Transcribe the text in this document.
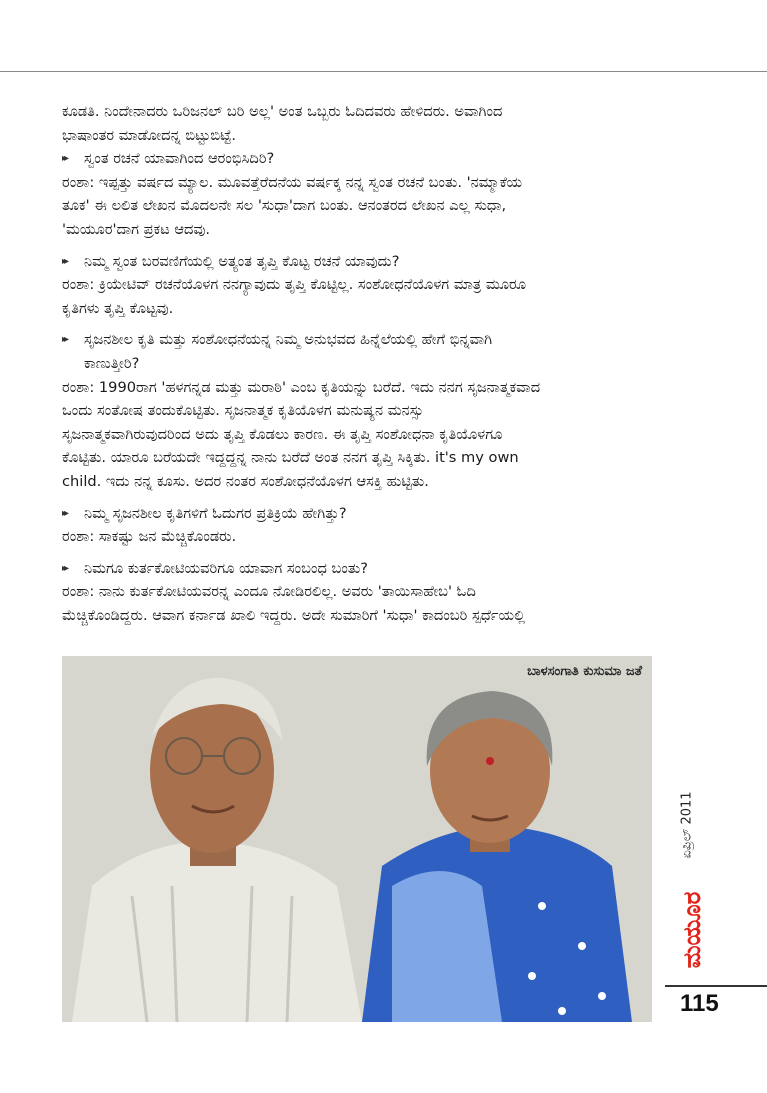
ಕೂಡತಿ. ನಿಂದೇನಾದರು ಒರಿಜನಲ್ ಬರಿ ಅಲ್ಲ' ಅಂತ ಒಬ್ಬರು ಓದಿದವರು ಹೇಳಿದರು. ಅವಾಗಿಂದ

ಭಾಷಾಂತರ ಮಾಡೋದನ್ನ ಬಿಟ್ಟುಬಿಟ್ಟೆ.

▸▸ ಸ್ವಂತ ರಚನೆ ಯಾವಾಗಿಂದ ಆರಂಭಿಸಿದಿರಿ?

ರಂಶಾ: ಇಪ್ಪತ್ತು ವರ್ಷದ ಮ್ಯಾಲ. ಮೂವತ್ತೆರೆದನೆಯ ವರ್ಷಕ್ಕ ನನ್ನ ಸ್ವಂತ ರಚನೆ ಬಂತು. 'ನಮ್ಮಾಕೆಯ

ತೂಕ' ಈ ಲಲಿತ ಲೇಖನ ಮೊದಲನೇ ಸಲ 'ಸುಧಾ'ದಾಗ ಬಂತು. ಆನಂತರದ ಲೇಖನ ಎಲ್ಲ ಸುಧಾ,

'ಮಯೂರ'ದಾಗ ಪ್ರಕಟ ಆದವು.

▸▸ ನಿಮ್ಮ ಸ್ವಂತ ಬರವಣಿಗೆಯಲ್ಲಿ ಅತ್ಯಂತ ತೃಪ್ತಿ ಕೊಟ್ಟ ರಚನೆ ಯಾವುದು?

ರಂಶಾ: ಕ್ರಿಯೇಟಿವ್ ರಚನೆಯೊಳಗ ನನಗ್ಯಾವುದು ತೃಪ್ತಿ ಕೊಟ್ಟಿಲ್ಲ. ಸಂಶೋಧನೆಯೊಳಗ ಮಾತ್ರ ಮೂರೂ

ಕೃತಿಗಳು ತೃಪ್ತಿ ಕೊಟ್ಟವು.

▸▸ ಸೃಜನಶೀಲ ಕೃತಿ ಮತ್ತು ಸಂಶೋಧನೆಯನ್ನ ನಿಮ್ಮ ಅನುಭವದ ಹಿನ್ನೆಲೆಯಲ್ಲಿ ಹೇಗೆ ಭಿನ್ನವಾಗಿ

ಕಾಣುತ್ತೀರಿ?

ರಂಶಾ: 1990ರಾಗ 'ಹಳಗನ್ನಡ ಮತ್ತು ಮರಾಠಿ' ಎಂಬ ಕೃತಿಯನ್ನು ಬರೆದೆ. ಇದು ನನಗ ಸೃಜನಾತ್ಮಕವಾದ

ಒಂದು ಸಂತೋಷ ತಂದುಕೊಟ್ಟಿತು. ಸೃಜನಾತ್ಮಕ ಕೃತಿಯೊಳಗ ಮನುಷ್ಯನ ಮನಸ್ಸು

ಸೃಜನಾತ್ಮಕವಾಗಿರುವುದರಿಂದ ಅದು ತೃಪ್ತಿ ಕೊಡಲು ಕಾರಣ. ಈ ತೃಪ್ತಿ ಸಂಶೋಧನಾ ಕೃತಿಯೊಳಗೂ

ಕೊಟ್ಟಿತು. ಯಾರೂ ಬರೆಯದೇ ಇದ್ದದ್ದನ್ನ ನಾನು ಬರೆದೆ ಅಂತ ನನಗ ತೃಪ್ತಿ ಸಿಕ್ಕಿತು. it's my own

child. ಇದು ನನ್ನ ಕೂಸು. ಅದರ ನಂತರ ಸಂಶೋಧನೆಯೊಳಗ ಆಸಕ್ತಿ ಹುಟ್ಟಿತು.

▸▸ ನಿಮ್ಮ ಸೃಜನಶೀಲ ಕೃತಿಗಳಿಗೆ ಓದುಗರ ಪ್ರತಿಕ್ರಿಯೆ ಹೇಗಿತ್ತು?

ರಂಶಾ: ಸಾಕಷ್ಟು ಜನ ಮೆಚ್ಚಿಕೊಂಡರು.

▸▸ ನಿಮಗೂ ಕುರ್ತಕೋಟಿಯವರಿಗೂ ಯಾವಾಗ ಸಂಬಂಧ ಬಂತು?

ರಂಶಾ: ನಾನು ಕುರ್ತಕೋಟಿಯವರನ್ನ ಎಂದೂ ನೋಡಿರಲಿಲ್ಲ. ಅವರು 'ತಾಯಿಸಾಹೇಬ' ಓದಿ

ಮೆಚ್ಚಿಕೊಂಡಿದ್ದರು. ಆವಾಗ ಕರ್ನಾಡ ಖಾಲಿ ಇದ್ದರು. ಅದೇ ಸುಮಾರಿಗೆ 'ಸುಧಾ' ಕಾದಂಬರಿ ಸ್ಪರ್ಧೆಯಲ್ಲಿ

ಬಾಳಸಂಗಾತಿ ಕುಸುಮಾ ಜತೆ
ಏಪ್ರಿಲ್ 2011
ಮಯೂರ
115
